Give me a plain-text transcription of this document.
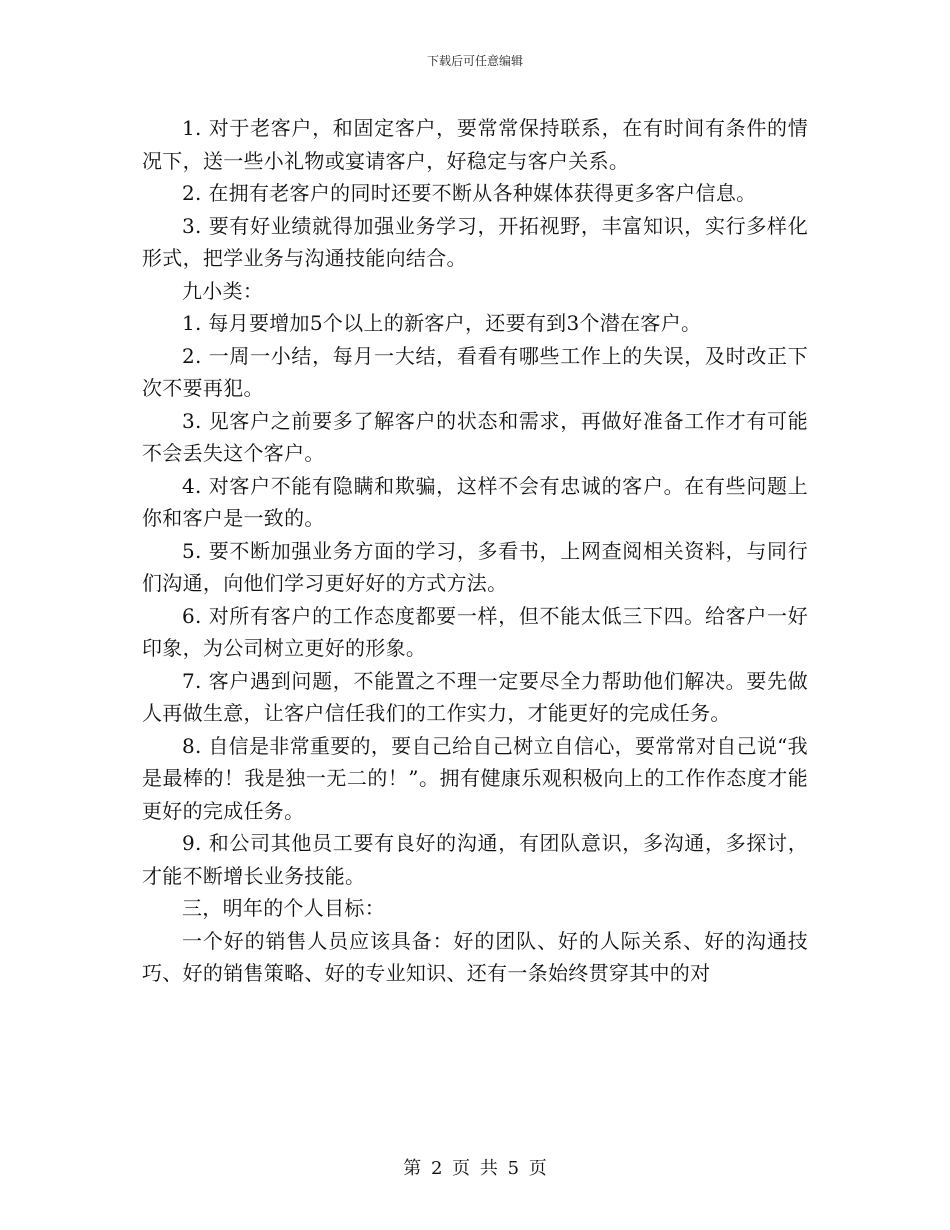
下载后可任意编辑

1. 对于老客户，和固定客户，要常常保持联系，在有时间有条件的情况下，送一些小礼物或宴请客户，好稳定与客户关系。

2. 在拥有老客户的同时还要不断从各种媒体获得更多客户信息。

3. 要有好业绩就得加强业务学习，开拓视野，丰富知识，实行多样化形式，把学业务与沟通技能向结合。

九小类：

1. 每月要增加5个以上的新客户，还要有到3个潜在客户。

2. 一周一小结，每月一大结，看看有哪些工作上的失误，及时改正下次不要再犯。

3. 见客户之前要多了解客户的状态和需求，再做好准备工作才有可能不会丢失这个客户。

4. 对客户不能有隐瞒和欺骗，这样不会有忠诚的客户。在有些问题上你和客户是一致的。

5. 要不断加强业务方面的学习，多看书，上网查阅相关资料，与同行们沟通，向他们学习更好好的方式方法。

6. 对所有客户的工作态度都要一样，但不能太低三下四。给客户一好印象，为公司树立更好的形象。

7. 客户遇到问题，不能置之不理一定要尽全力帮助他们解决。要先做人再做生意，让客户信任我们的工作实力，才能更好的完成任务。

8. 自信是非常重要的，要自己给自己树立自信心，要常常对自己说“我是最棒的！我是独一无二的！”。拥有健康乐观积极向上的工作作态度才能更好的完成任务。

9. 和公司其他员工要有良好的沟通，有团队意识，多沟通，多探讨，才能不断增长业务技能。

三，明年的个人目标：

一个好的销售人员应该具备：好的团队、好的人际关系、好的沟通技巧、好的销售策略、好的专业知识、还有一条始终贯穿其中的对

第 2 页 共 5 页
